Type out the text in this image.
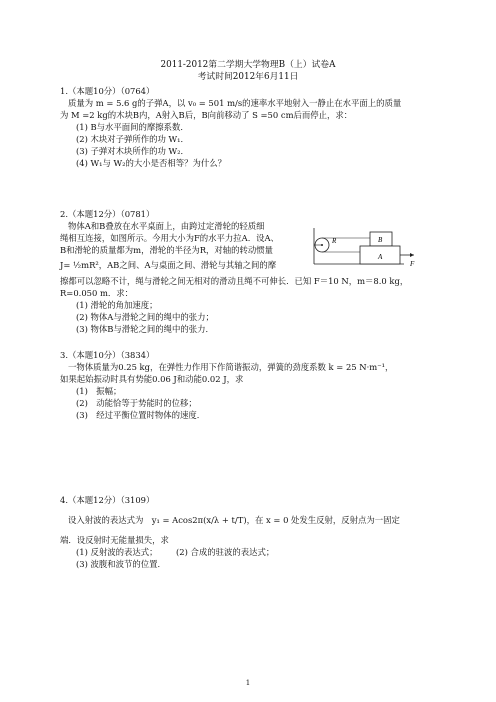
2011-2012第二学期大学物理B（上）试卷A
考试时间2012年6月11日
1.（本题10分）（0764）
质量为 m = 5.6 g的子弹A，以 v₀ = 501 m/s的速率水平地射入一静止在水平面上的质量
为 M =2 kg的木块B内，A射入B后，B向前移动了 S =50 cm后而停止，求：
(1) B与水平面间的摩擦系数．
(2) 木块对子弹所作的功 W₁．
(3) 子弹对木块所作的功 W₂．
(4) W₁与 W₂的大小是否相等？为什么？
2.（本题12分）（0781）
物体A和B叠放在水平桌面上，由跨过定滑轮的轻质细
绳相互连接，如图所示。今用大小为F的水平力拉A．设A、
B和滑轮的质量都为m，滑轮的半径为R，对轴的转动惯量
J= ½mR²，AB之间、A与桌面之间、滑轮与其轴之间的摩
擦都可以忽略不计，绳与滑轮之间无相对的滑动且绳不可伸长．已知 F＝10 N，m＝8.0 kg，
R=0.050 m．求：
(1) 滑轮的角加速度；
(2) 物体A与滑轮之间的绳中的张力；
(3) 物体B与滑轮之间的绳中的张力．
R	B
A
F
3.（本题10分）（3834）
一物体质量为0.25 kg，在弹性力作用下作简谐振动，弹簧的劲度系数 k = 25 N·m⁻¹，
如果起始振动时具有势能0.06 J和动能0.02 J，求
(1)　振幅；
(2)　动能恰等于势能时的位移；
(3)　经过平衡位置时物体的速度．
4.（本题12分）（3109）
设入射波的表达式为　y₁ = Acos2π(x/λ + t/T)，在 x = 0 处发生反射，反射点为一固定
端．设反射时无能量损失，求
(1) 反射波的表达式； (2) 合成的驻波的表达式；
(3) 波腹和波节的位置．
1
